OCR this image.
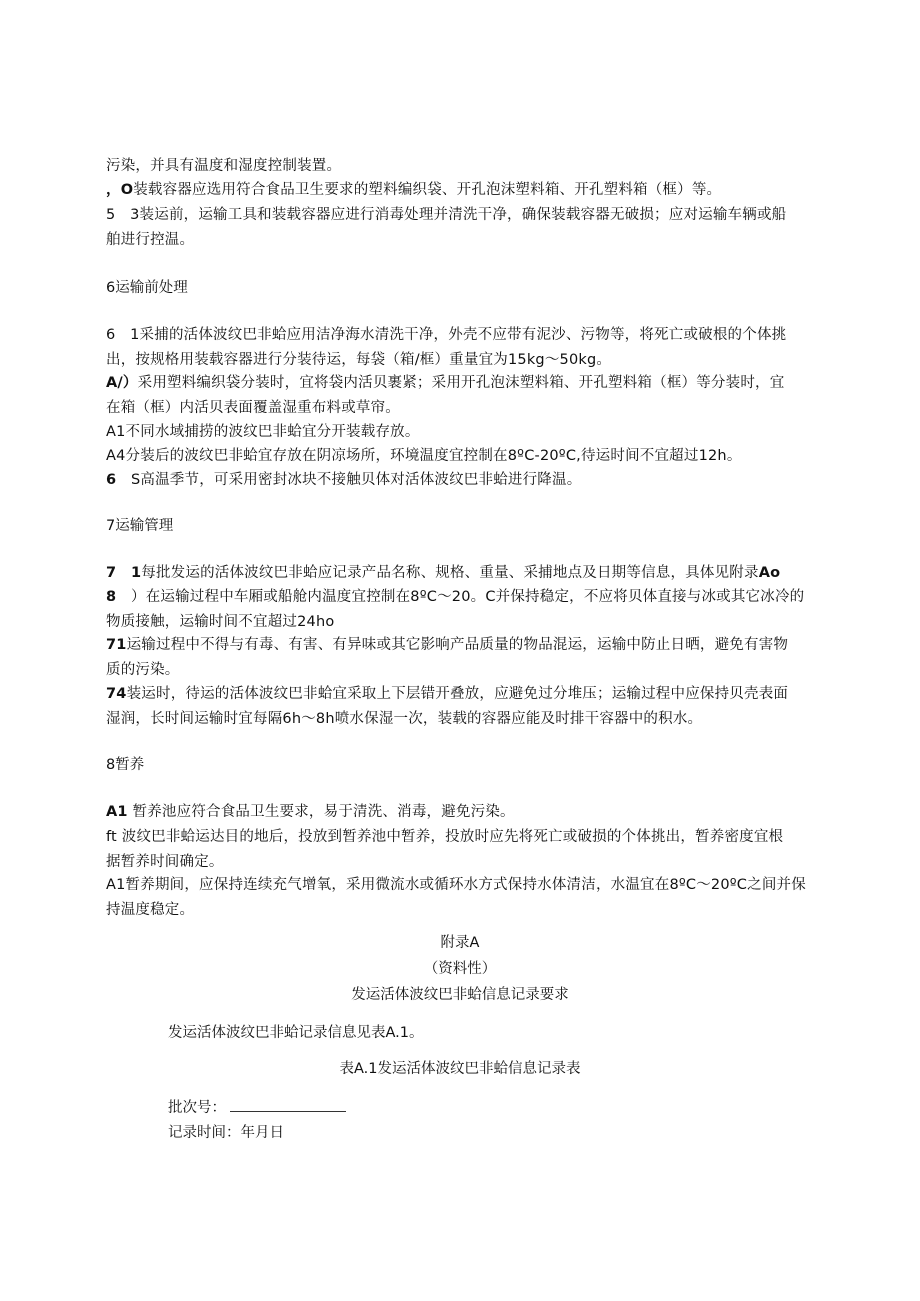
污染，并具有温度和湿度控制装置。
，O装载容器应选用符合食品卫生要求的塑料编织袋、开孔泡沫塑料箱、开孔塑料箱（框）等。
5　3装运前，运输工具和装载容器应进行消毒处理并清洗干净，确保装载容器无破损；应对运输车辆或船
舶进行控温。
6运输前处理
6　1采捕的活体波纹巴非蛤应用洁净海水清洗干净，外壳不应带有泥沙、污物等，将死亡或破根的个体挑
出，按规格用装载容器进行分装待运，每袋（箱/框）重量宜为15kg～50kg。
A/）采用塑料编织袋分装时，宜将袋内活贝裹紧；采用开孔泡沫塑料箱、开孔塑料箱（框）等分装时，宜
在箱（框）内活贝表面覆盖湿重布料或草帘。
A1不同水域捕捞的波纹巴非蛤宜分开装载存放。
A4分装后的波纹巴非蛤宜存放在阴凉场所，环境温度宜控制在8ºC-20ºC,待运时间不宜超过12h。
6　 S高温季节，可采用密封冰块不接触贝体对活体波纹巴非蛤进行降温。
7运输管理
7　1每批发运的活体波纹巴非蛤应记录产品名称、规格、重量、采捕地点及日期等信息，具体见附录Ao
8　 ）在运输过程中车厢或船舱内温度宜控制在8ºC～20。C并保持稳定，不应将贝体直接与冰或其它冰冷的
物质接触，运输时间不宜超过24ho
71运输过程中不得与有毒、有害、有异味或其它影响产品质量的物品混运，运输中防止日晒，避免有害物
质的污染。
74装运时，待运的活体波纹巴非蛤宜采取上下层错开叠放，应避免过分堆压；运输过程中应保持贝壳表面
湿润，长时间运输时宜每隔6h～8h喷水保湿一次，装载的容器应能及时排干容器中的积水。
8暂养
A1 暂养池应符合食品卫生要求，易于清洗、消毒，避免污染。
ft 波纹巴非蛤运达目的地后，投放到暂养池中暂养，投放时应先将死亡或破损的个体挑出，暂养密度宜根
据暂养时间确定。
A1暂养期间，应保持连续充气增氧，采用微流水或循环水方式保持水体清洁，水温宜在8ºC～20ºC之间并保
持温度稳定。
附录A
（资料性）
发运活体波纹巴非蛤信息记录要求
发运活体波纹巴非蛤记录信息见表A.1。
表A.1发运活体波纹巴非蛤信息记录表
批次号：
记录时间：年月日
